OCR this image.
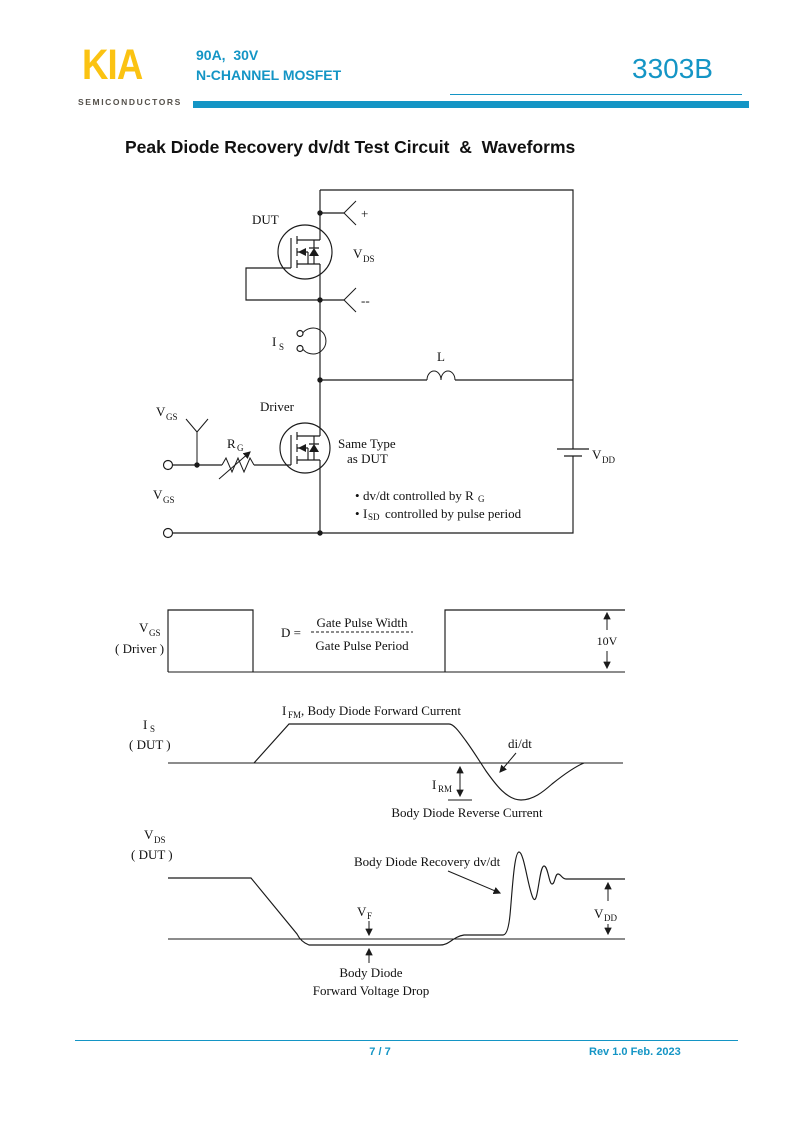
KIA
SEMICONDUCTORS
90A,  30V
N-CHANNEL MOSFET	3303B
Peak Diode Recovery dv/dt Test Circuit  &  Waveforms
DUT	+
--
V DS
I S
L
Driver
V GS
R G	Same Type
as DUT
V GS
V DD
• dv/dt controlled by R G
• I SD controlled by pulse period
V GS
( Driver )
D =
Gate Pulse Width
Gate Pulse Period	10V
I S
( DUT )
I FM , Body Diode Forward Current
di/dt
I RM
Body Diode Reverse Current
V DS
( DUT )	Body Diode Recovery dv/dt
V F	V DD
Body Diode
Forward Voltage Drop
7 / 7	Rev 1.0 Feb. 2023
